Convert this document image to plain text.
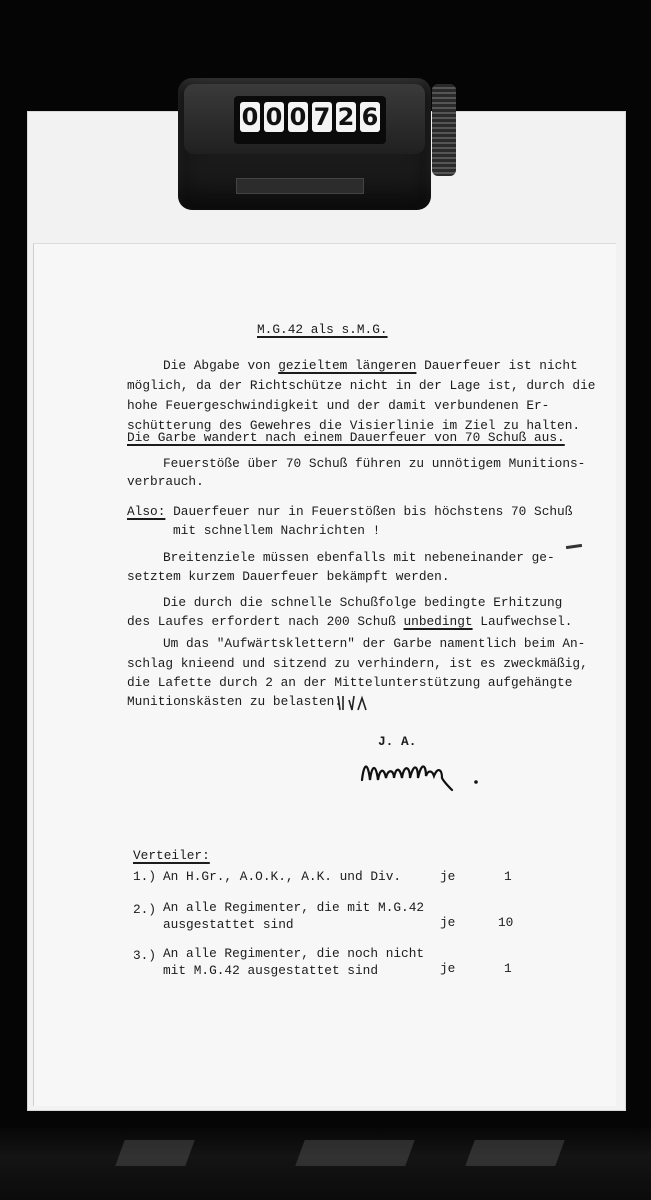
0 0 0 7 2 6
M.G.42 als s.M.G.
Die Abgabe von gezieltem längeren Dauerfeuer ist nicht
möglich, da der Richtschütze nicht in der Lage ist, durch die
hohe Feuergeschwindigkeit und der damit verbundenen Er-
schütterung des Gewehres die Visierlinie im Ziel zu halten.
Die Garbe wandert nach einem Dauerfeuer von 70 Schuß aus.
Feuerstöße über 70 Schuß führen zu unnötigem Munitions-
verbrauch.
Also: Dauerfeuer nur in Feuerstößen bis höchstens 70 Schuß
mit schnellem Nachrichten !
Breitenziele müssen ebenfalls mit nebeneinander ge-
setztem kurzem Dauerfeuer bekämpft werden.
Die durch die schnelle Schußfolge bedingte Erhitzung
des Laufes erfordert nach 200 Schuß unbedingt Laufwechsel.
Um das "Aufwärtsklettern" der Garbe namentlich beim An-
schlag knieend und sitzend zu verhindern, ist es zweckmäßig,
die Lafette durch 2 an der Mittelunterstützung aufgehängte
Munitionskästen zu belasten.
J. A.
Verteiler:
1.) An H.Gr., A.O.K., A.K. und Div.	je	1
2.) An alle Regimenter, die mit M.G.42
ausgestattet sind	je	10
3.) An alle Regimenter, die noch nicht
mit M.G.42 ausgestattet sind	je	1
